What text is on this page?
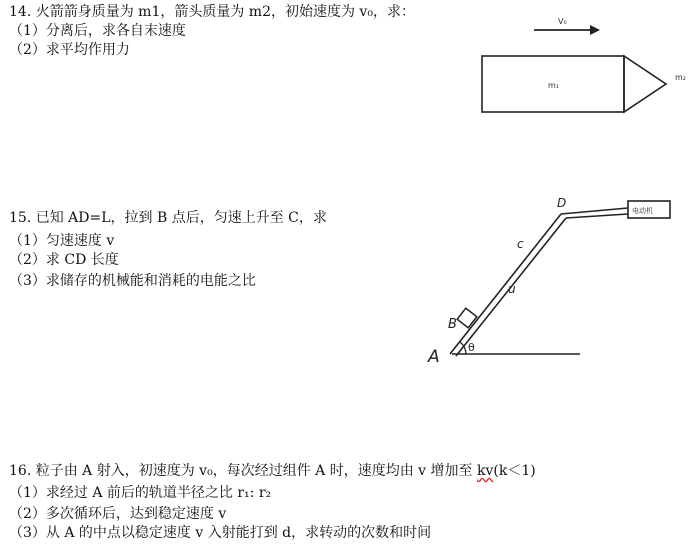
14. 火箭箭身质量为 m1，箭头质量为 m2，初始速度为 v₀，求：
（1）分离后，求各自末速度
（2）求平均作用力
V₀
m₁
m₂
15. 已知 AD=L，拉到 B 点后，匀速上升至 C，求
（1）匀速速度 v
（2）求 CD 长度
（3）求储存的机械能和消耗的电能之比
电动机
A
B
c
D
u
θ
16. 粒子由 A 射入，初速度为 v₀，每次经过组件 A 时，速度均由 v 增加至 kv(k＜1)
（1）求经过 A 前后的轨道半径之比 r₁: r₂
（2）多次循环后，达到稳定速度 v
（3）从 A 的中点以稳定速度 v 入射能打到 d，求转动的次数和时间
